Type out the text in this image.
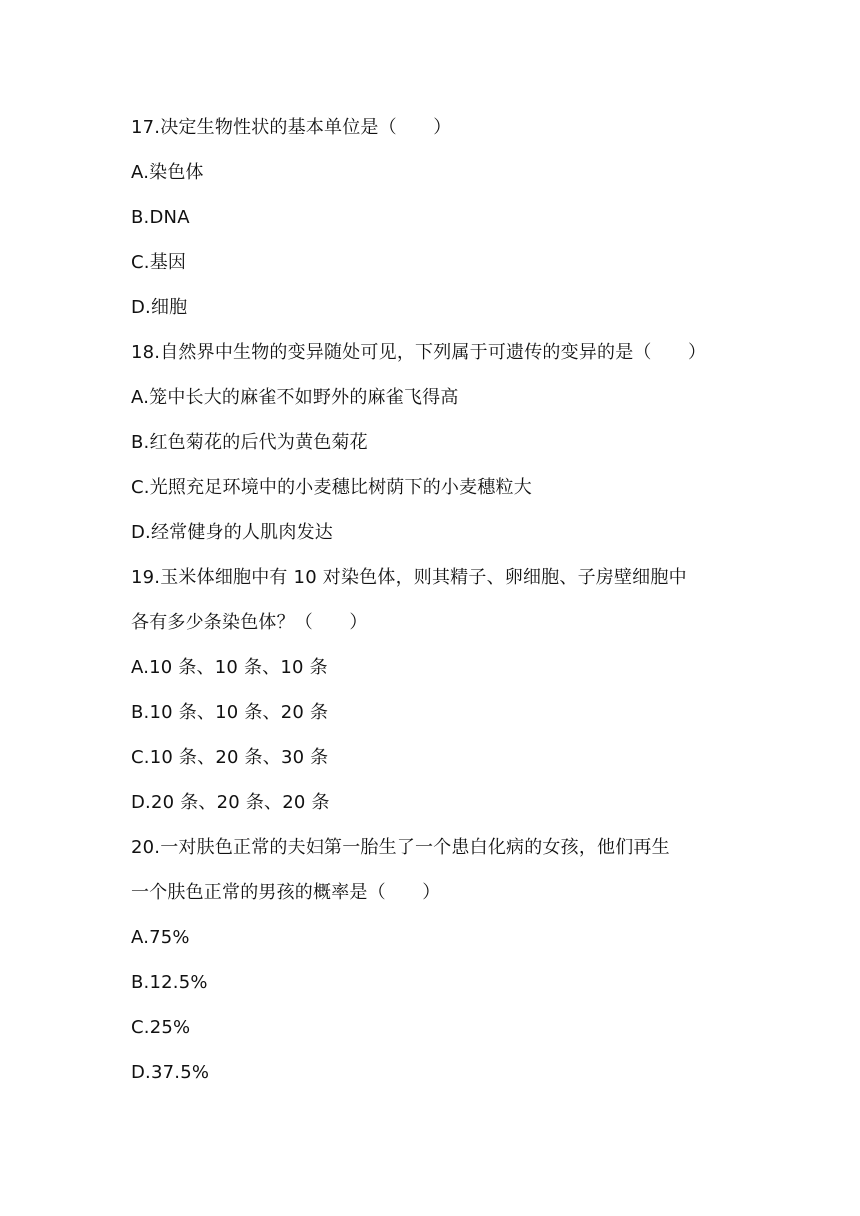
17.决定生物性状的基本单位是（　　）
A.染色体
B.DNA
C.基因
D.细胞
18.自然界中生物的变异随处可见，下列属于可遗传的变异的是（　　）
A.笼中长大的麻雀不如野外的麻雀飞得高
B.红色菊花的后代为黄色菊花
C.光照充足环境中的小麦穗比树荫下的小麦穗粒大
D.经常健身的人肌肉发达
19.玉米体细胞中有 10 对染色体，则其精子、卵细胞、子房壁细胞中
各有多少条染色体？（　　）
A.10 条、10 条、10 条
B.10 条、10 条、20 条
C.10 条、20 条、30 条
D.20 条、20 条、20 条
20.一对肤色正常的夫妇第一胎生了一个患白化病的女孩，他们再生
一个肤色正常的男孩的概率是（　　）
A.75%
B.12.5%
C.25%
D.37.5%
